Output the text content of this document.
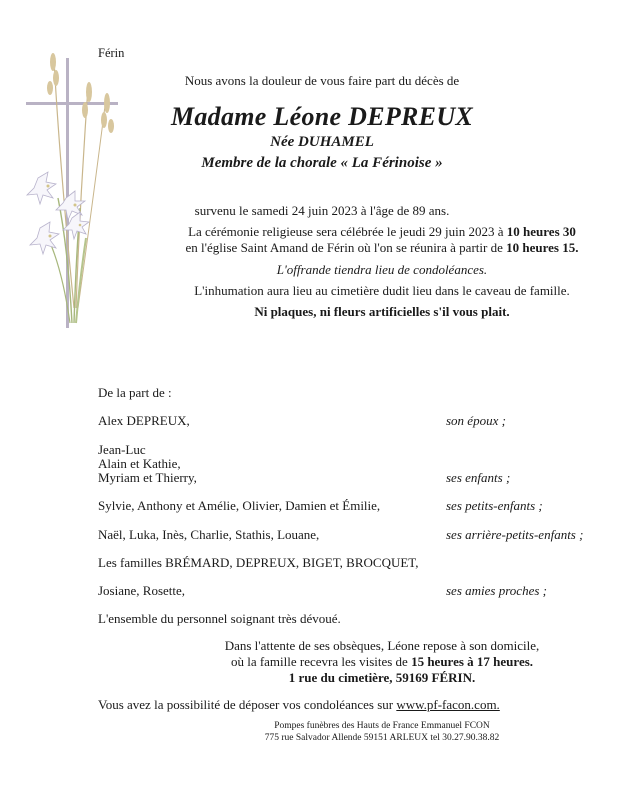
Férin
Nous avons la douleur de vous faire part du décès de
Madame Léone DEPREUX
Née DUHAMEL
Membre de la chorale « La Férinoise »
survenu le samedi 24 juin 2023 à l'âge de 89 ans.
La cérémonie religieuse sera célébrée le jeudi 29 juin 2023 à 10 heures 30
en l'église Saint Amand de Férin où l'on se réunira à partir de 10 heures 15.
L'offrande tiendra lieu de condoléances.
L'inhumation aura lieu au cimetière dudit lieu dans le caveau de famille.
Ni plaques, ni fleurs artificielles s'il vous plait.
De la part de :
Alex DEPREUX,	son époux ;
Jean-Luc
Alain et Kathie,
Myriam et Thierry,	ses enfants ;
Sylvie, Anthony et Amélie, Olivier, Damien et Émilie,	ses petits-enfants ;
Naël, Luka, Inès, Charlie, Stathis, Louane,	ses arrière-petits-enfants ;
Les familles BRÉMARD, DEPREUX, BIGET, BROCQUET,
Josiane, Rosette,	ses amies proches ;
L'ensemble du personnel soignant très dévoué.
Dans l'attente de ses obsèques, Léone repose à son domicile,
où la famille recevra les visites de 15 heures à 17 heures.
1 rue du cimetière, 59169 FÉRIN.
Vous avez la possibilité de déposer vos condoléances sur www.pf-facon.com.
Pompes funèbres des Hauts de France Emmanuel FCON
775 rue Salvador Allende 59151 ARLEUX tel 30.27.90.38.82
